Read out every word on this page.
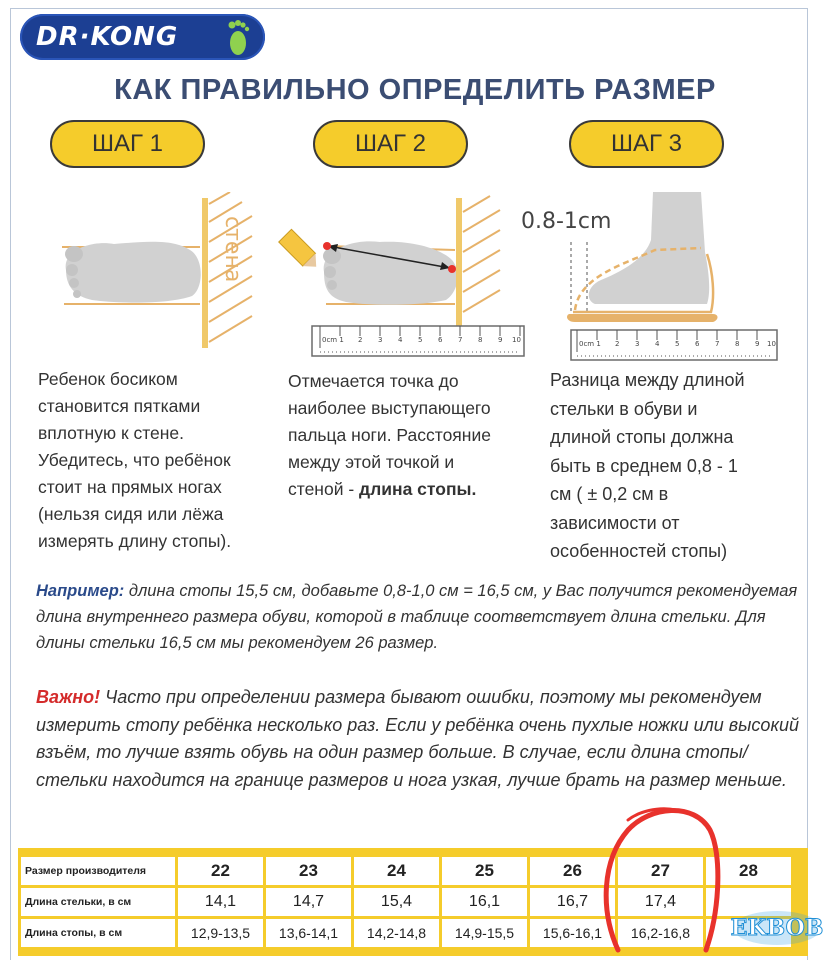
DR·KONG
КАК ПРАВИЛЬНО ОПРЕДЕЛИТЬ РАЗМЕР
ШАГ 1	ШАГ 2	ШАГ 3
стена
0cm 1 2 3 4 5 6 7 8 9 10
0.8-1cm
0cm 1 2 3 4 5 6 7 8 9 10
Ребенок босиком
становится пятками
вплотную к стене.
Убедитесь, что ребёнок
стоит на прямых ногах
(нельзя сидя или лёжа
измерять длину стопы).
Отмечается точка до
наиболее выступающего
пальца ноги. Расстояние
между этой точкой и
стеной - длина стопы.
Разница между длиной
стельки в обуви и
длиной стопы должна
быть в среднем 0,8 - 1
см ( ± 0,2 см в
зависимости от
особенностей стопы)
Например: длина стопы 15,5 см, добавьте 0,8-1,0 см = 16,5 см, у Вас получится рекомендуемая длина внутреннего размера обуви, которой в таблице соответствует длина стельки. Для длины стельки 16,5 см мы рекомендуем 26 размер.
Важно! Часто при определении размера бывают ошибки, поэтому мы рекомендуем измерить стопу ребёнка несколько раз. Если у ребёнка очень пухлые ножки или высокий взъём, то лучше взять обувь на один размер больше. В случае, если длина стопы/стельки находится на границе размеров и нога узкая, лучше брать на размер меньше.
Размер производителя	22	23	24	25	26	27	28
Длина стельки, в см	14,1	14,7	15,4	16,1	16,7	17,4	
Длина стопы, в см	12,9-13,5	13,6-14,1	14,2-14,8	14,9-15,5	15,6-16,1	16,2-16,8	EKBOB
